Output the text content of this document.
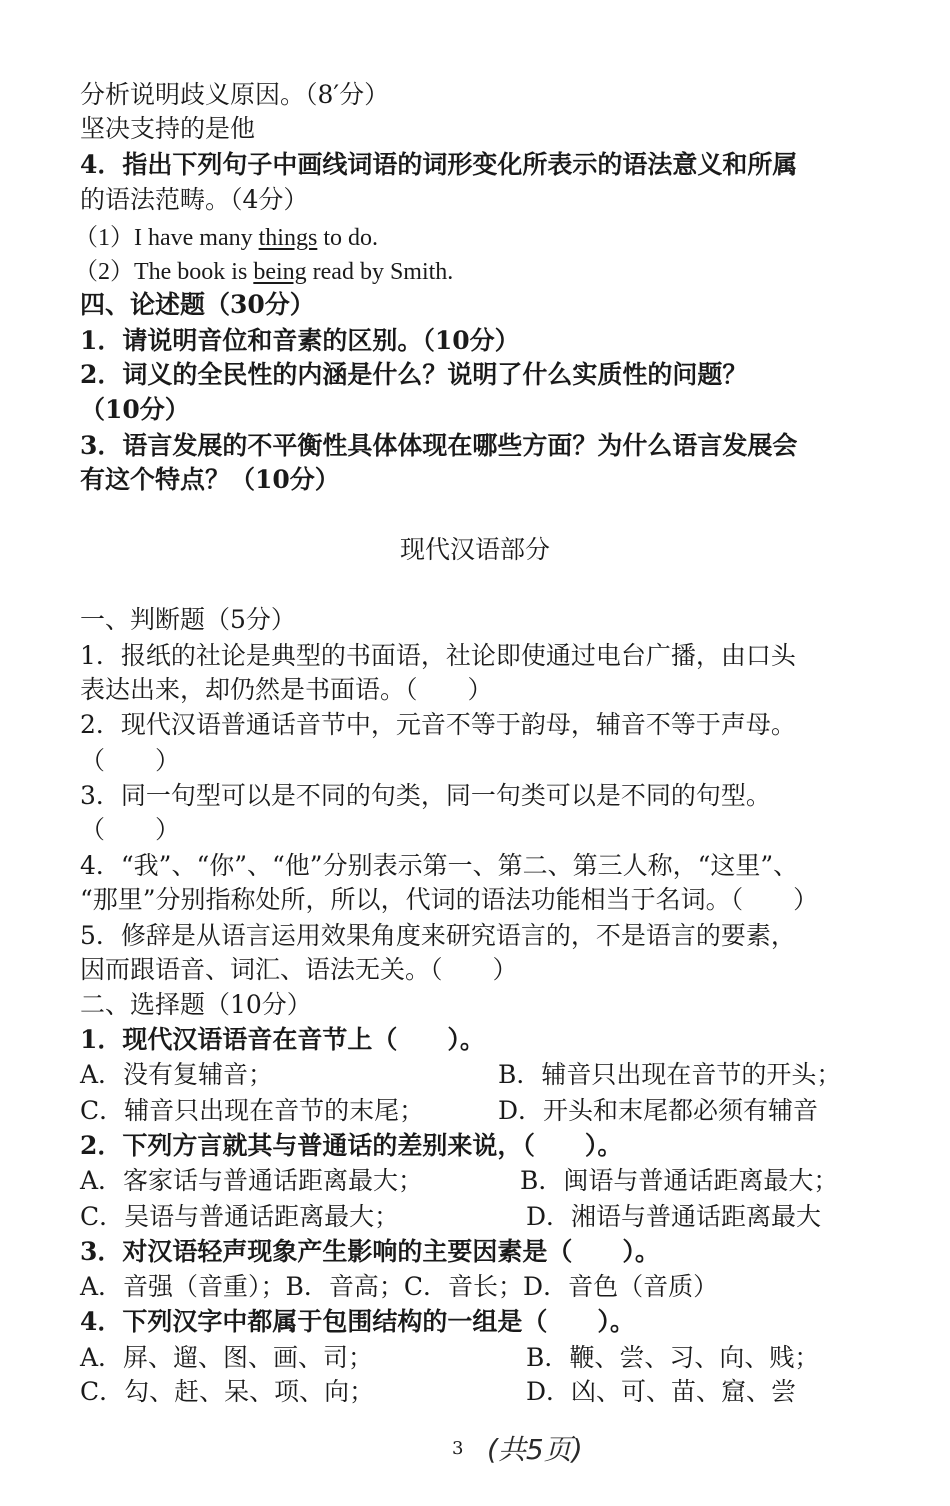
分析说明歧义原因。（8′分）
坚决支持的是他
4．指出下列句子中画线词语的词形变化所表示的语法意义和所属
的语法范畴。（4分）
（1）I have many things to do.
（2）The book is being read by Smith.
四、论述题（30分）
1．请说明音位和音素的区别。（10分）
2．词义的全民性的内涵是什么？说明了什么实质性的问题？
（10分）
3．语言发展的不平衡性具体体现在哪些方面？为什么语言发展会
有这个特点？（10分）
现代汉语部分
一、判断题（5分）
1．报纸的社论是典型的书面语，社论即使通过电台广播，由口头
表达出来，却仍然是书面语。（　　）
2．现代汉语普通话音节中，元音不等于韵母，辅音不等于声母。
（　　）
3．同一句型可以是不同的句类，同一句类可以是不同的句型。
（　　）
4．“我”、“你”、“他”分别表示第一、第二、第三人称，“这里”、
“那里”分别指称处所，所以，代词的语法功能相当于名词。（　　）
5．修辞是从语言运用效果角度来研究语言的，不是语言的要素，
因而跟语音、词汇、语法无关。（　　）
二、选择题（10分）
1．现代汉语语音在音节上（　　）。
A．没有复辅音；	B．辅音只出现在音节的开头；
C．辅音只出现在音节的末尾；	D．开头和末尾都必须有辅音
2．下列方言就其与普通话的差别来说，（　　）。
A．客家话与普通话距离最大；	B．闽语与普通话距离最大；
C．吴语与普通话距离最大；	D．湘语与普通话距离最大
3．对汉语轻声现象产生影响的主要因素是（　　）。
A．音强（音重）；B．音高；C．音长；D．音色（音质）
4．下列汉字中都属于包围结构的一组是（　　）。
A．屏、遛、图、画、司；	B．鞭、尝、习、向、贱；
C．勾、赶、呆、项、向；	D．凶、可、苗、窟、尝
3 (共5页)
